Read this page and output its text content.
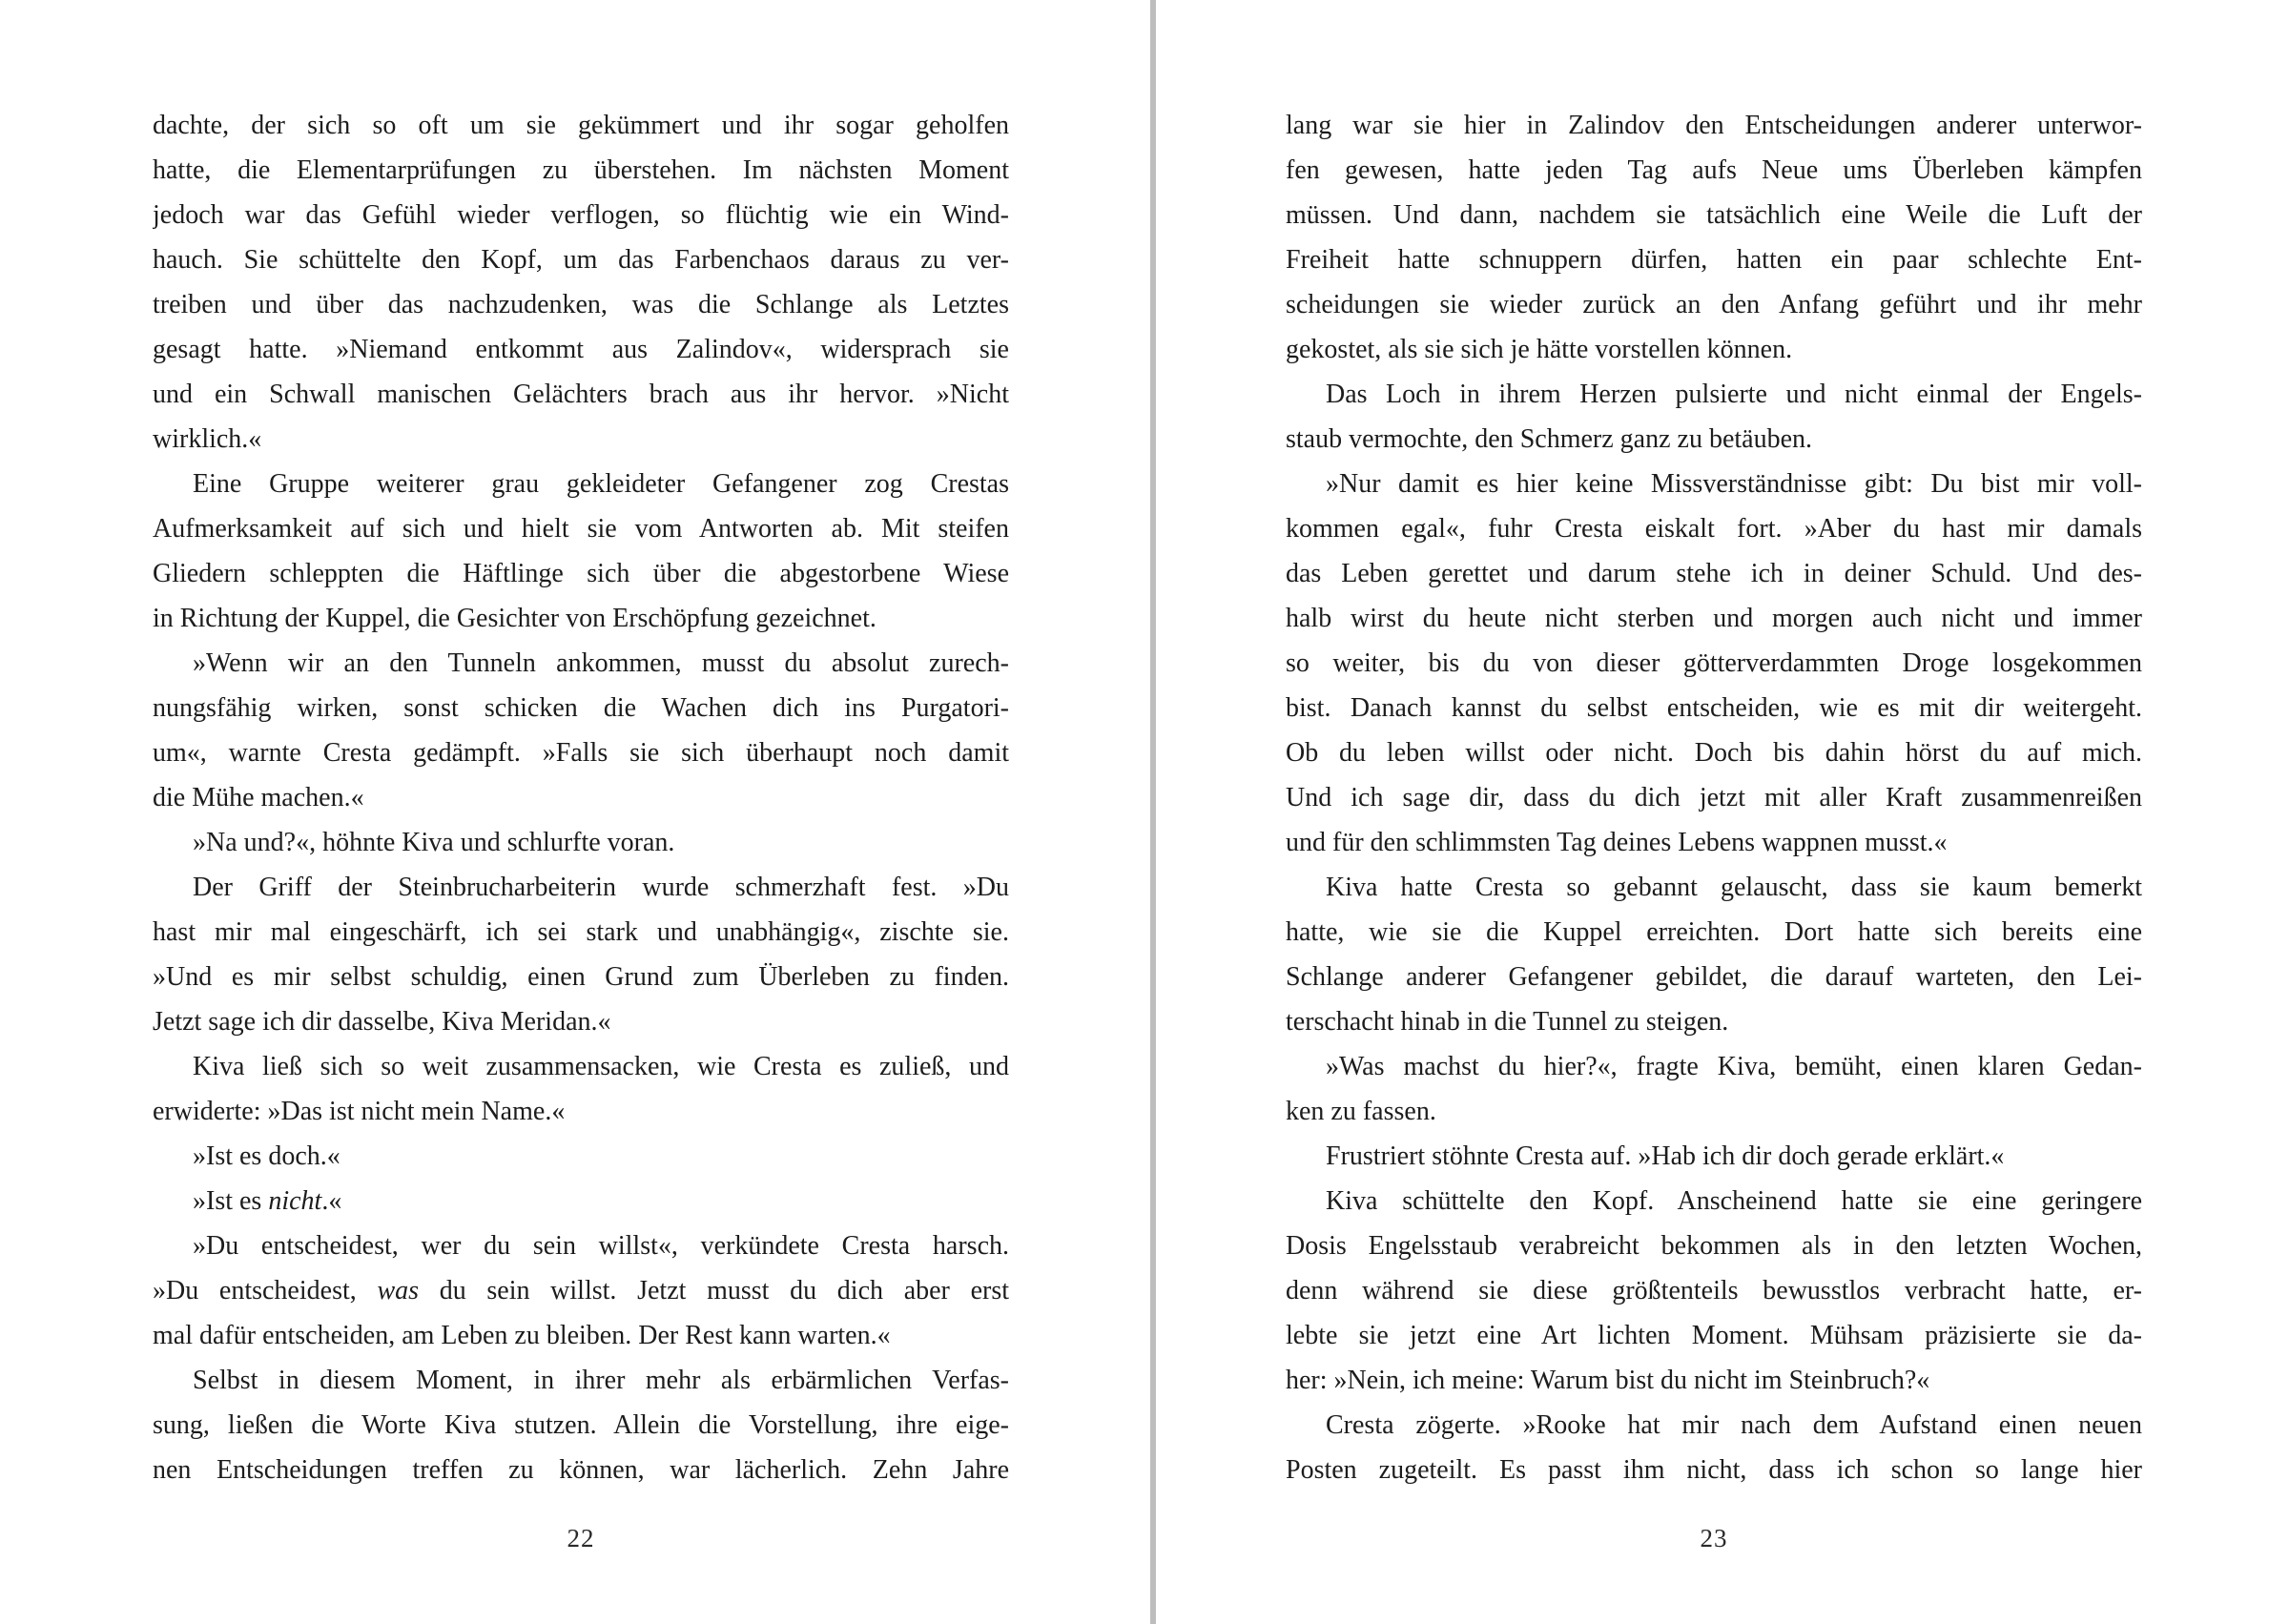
dachte, der sich so oft um sie gekümmert und ihr sogar geholfen
hatte, die Elementarprüfungen zu überstehen. Im nächsten Moment
jedoch war das Gefühl wieder verflogen, so flüchtig wie ein Wind-
hauch. Sie schüttelte den Kopf, um das Farbenchaos daraus zu ver-
treiben und über das nachzudenken, was die Schlange als Letztes
gesagt hatte. »Niemand entkommt aus Zalindov«, widersprach sie
und ein Schwall manischen Gelächters brach aus ihr hervor. »Nicht
wirklich.«
Eine Gruppe weiterer grau gekleideter Gefangener zog Crestas
Aufmerksamkeit auf sich und hielt sie vom Antworten ab. Mit steifen
Gliedern schleppten die Häftlinge sich über die abgestorbene Wiese
in Richtung der Kuppel, die Gesichter von Erschöpfung gezeichnet.
»Wenn wir an den Tunneln ankommen, musst du absolut zurech-
nungsfähig wirken, sonst schicken die Wachen dich ins Purgatori-
um«, warnte Cresta gedämpft. »Falls sie sich überhaupt noch damit
die Mühe machen.«
»Na und?«, höhnte Kiva und schlurfte voran.
Der Griff der Steinbrucharbeiterin wurde schmerzhaft fest. »Du
hast mir mal eingeschärft, ich sei stark und unabhängig«, zischte sie.
»Und es mir selbst schuldig, einen Grund zum Überleben zu finden.
Jetzt sage ich dir dasselbe, Kiva Meridan.«
Kiva ließ sich so weit zusammensacken, wie Cresta es zuließ, und
erwiderte: »Das ist nicht mein Name.«
»Ist es doch.«
»Ist es nicht.«
»Du entscheidest, wer du sein willst«, verkündete Cresta harsch.
»Du entscheidest, was du sein willst. Jetzt musst du dich aber erst
mal dafür entscheiden, am Leben zu bleiben. Der Rest kann warten.«
Selbst in diesem Moment, in ihrer mehr als erbärmlichen Verfas-
sung, ließen die Worte Kiva stutzen. Allein die Vorstellung, ihre eige-
nen Entscheidungen treffen zu können, war lächerlich. Zehn Jahre
22
lang war sie hier in Zalindov den Entscheidungen anderer unterwor-
fen gewesen, hatte jeden Tag aufs Neue ums Überleben kämpfen
müssen. Und dann, nachdem sie tatsächlich eine Weile die Luft der
Freiheit hatte schnuppern dürfen, hatten ein paar schlechte Ent-
scheidungen sie wieder zurück an den Anfang geführt und ihr mehr
gekostet, als sie sich je hätte vorstellen können.
Das Loch in ihrem Herzen pulsierte und nicht einmal der Engels-
staub vermochte, den Schmerz ganz zu betäuben.
»Nur damit es hier keine Missverständnisse gibt: Du bist mir voll-
kommen egal«, fuhr Cresta eiskalt fort. »Aber du hast mir damals
das Leben gerettet und darum stehe ich in deiner Schuld. Und des-
halb wirst du heute nicht sterben und morgen auch nicht und immer
so weiter, bis du von dieser götterverdammten Droge losgekommen
bist. Danach kannst du selbst entscheiden, wie es mit dir weitergeht.
Ob du leben willst oder nicht. Doch bis dahin hörst du auf mich.
Und ich sage dir, dass du dich jetzt mit aller Kraft zusammenreißen
und für den schlimmsten Tag deines Lebens wappnen musst.«
Kiva hatte Cresta so gebannt gelauscht, dass sie kaum bemerkt
hatte, wie sie die Kuppel erreichten. Dort hatte sich bereits eine
Schlange anderer Gefangener gebildet, die darauf warteten, den Lei-
terschacht hinab in die Tunnel zu steigen.
»Was machst du hier?«, fragte Kiva, bemüht, einen klaren Gedan-
ken zu fassen.
Frustriert stöhnte Cresta auf. »Hab ich dir doch gerade erklärt.«
Kiva schüttelte den Kopf. Anscheinend hatte sie eine geringere
Dosis Engelsstaub verabreicht bekommen als in den letzten Wochen,
denn während sie diese größtenteils bewusstlos verbracht hatte, er-
lebte sie jetzt eine Art lichten Moment. Mühsam präzisierte sie da-
her: »Nein, ich meine: Warum bist du nicht im Steinbruch?«
Cresta zögerte. »Rooke hat mir nach dem Aufstand einen neuen
Posten zugeteilt. Es passt ihm nicht, dass ich schon so lange hier
23
